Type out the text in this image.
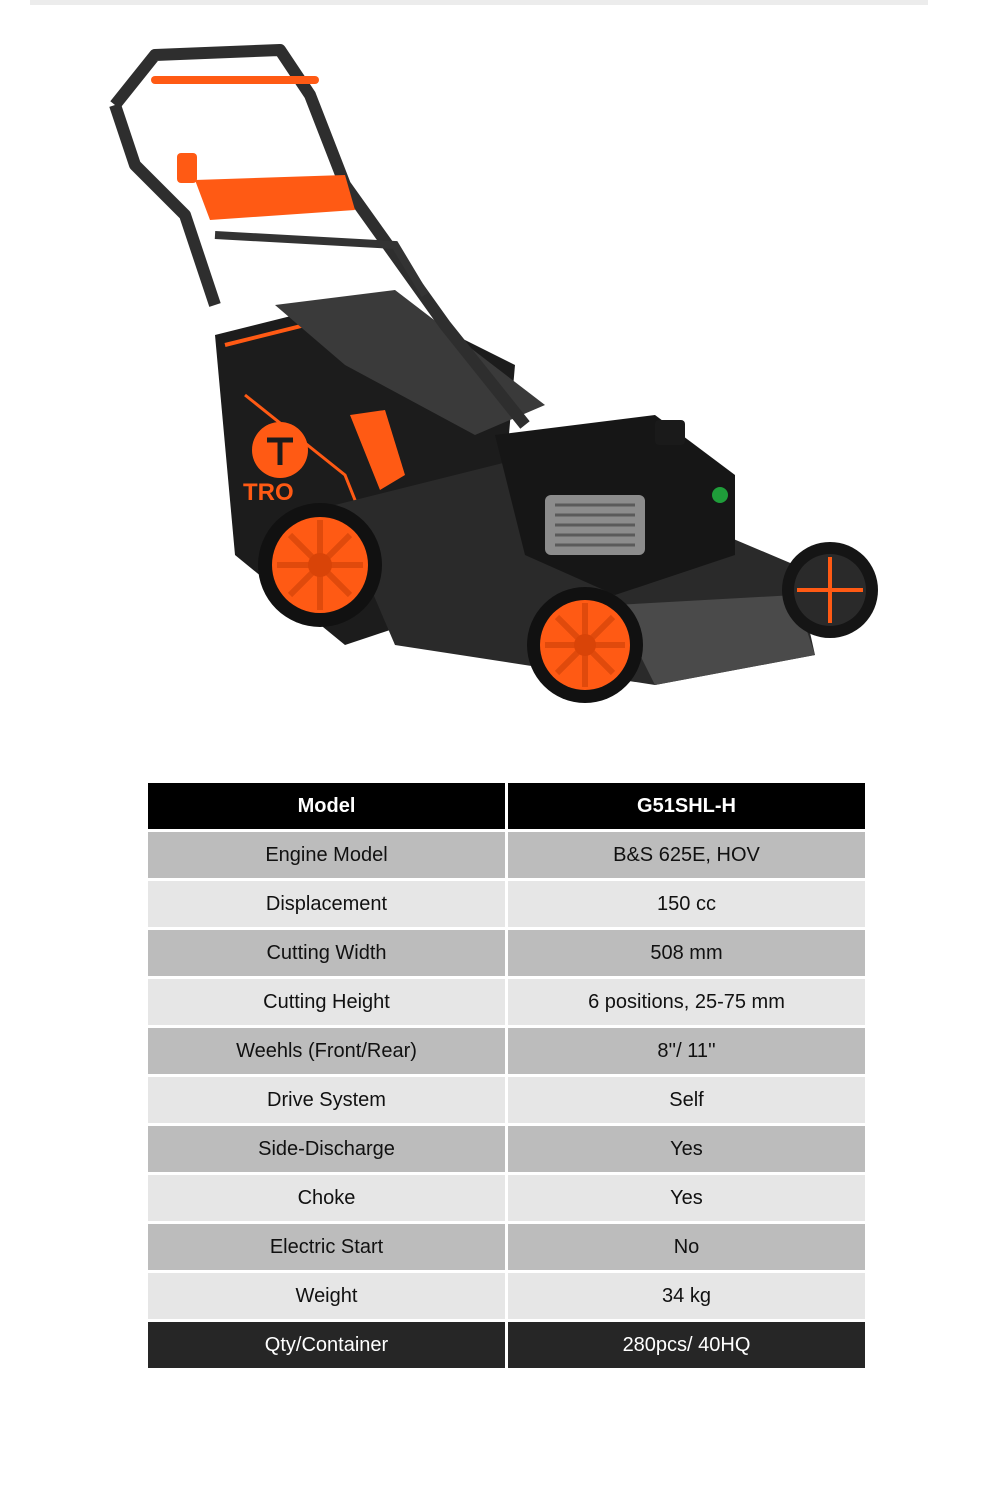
TRO
Model	G51SHL-H
Engine Model	B&S 625E, HOV
Displacement	150 cc
Cutting Width	508 mm
Cutting Height	6 positions, 25-75 mm
Weehls (Front/Rear)	8''/ 11''
Drive System	Self
Side-Discharge	Yes
Choke	Yes
Electric Start	No
Weight	34 kg
Qty/Container	280pcs/ 40HQ
